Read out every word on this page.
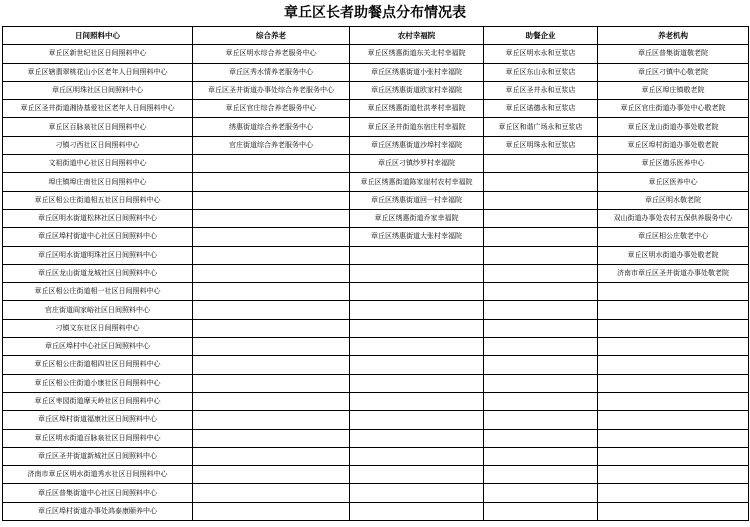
章丘区长者助餐点分布情况表
日间照料中心	综合养老	农村幸福院	助餐企业	养老机构
章丘区新世纪社区日间照料中心	章丘区明水综合养老服务中心	章丘区绣惠街道东关北村幸福院	章丘区明水永和豆浆店	章丘区普集街道敬老院
章丘区辖翡翠桃花山小区老年人日间照料中心	章丘区秀水情养老服务中心	章丘区绣惠街道小张村幸福院	章丘区东山永和豆浆店	章丘区刁镇中心敬老院
章丘区明珠社区日间照料中心	章丘区圣井街道办事处综合养老服务中心	章丘区绣惠街道欧家村幸福院	章丘区圣井永和豆浆店	章丘区埠庄镇敬老院
章丘区圣井街道湘协基爱社区老年人日间照料中心	章丘区官庄综合养老服务中心	章丘区绣惠街道杜洪孝村幸福院	章丘区诺德永和豆浆店	章丘区官庄街道办事处中心敬老院
章丘区百脉泉社区日间照料中心	绣惠街道综合养老服务中心	章丘区圣井街道东宿庄村幸福院	章丘区和谐广场永和豆浆店	章丘区龙山街道办事处敬老院
刁镇刁西社区日间照料中心	官庄街道综合养老服务中心	章丘区绣惠街道沙埠村幸福院	章丘区明珠永和豆浆店	章丘区埠村街道办事处敬老院
文祖街道中心社区日间照料中心		章丘区刁镇纱罗村幸福院		章丘区德乐医养中心
埠庄镇埠庄南社区日间照料中心		章丘区绣惠街道陈家崖村农村幸福院		章丘区医养中心
章丘区相公庄街道相五社区日间照料中心		章丘区绣惠街道回一村幸福院		章丘区明水敬老院
章丘区明水街道松林社区日间照料中心		章丘区绣惠街道乔家幸福院		双山街道办事处农村五保供养服务中心
章丘区埠村街道中心社区日间照料中心		章丘区绣惠街道大张村幸福院		章丘区相公庄敬老中心
章丘区明水街道明珠社区日间照料中心				章丘区明水街道办事处敬老院
章丘区龙山街道龙城社区日间照料中心				济南市章丘区圣井街道办事处敬老院
章丘区相公庄街道相一社区日间照料中心				
官庄街道阎家峪社区日间照料中心				
刁镇文东社区日间照料中心				
章丘区埠村中心社区日间照料中心				
章丘区相公庄街道相四社区日间照料中心				
章丘区相公庄街道小康社区日间照料中心				
章丘区枣园街道摩天岭社区日间照料中心				
章丘区埠村街道福康社区日间照料中心				
章丘区明水街道百脉泉社区日间照料中心				
章丘区圣井街道新城社区日间照料中心				
济南市章丘区明水街道秀水社区日间照料中心				
章丘区普集街道中心社区日间照料中心				
章丘区埠村街道办事处鸿泰康颐养中心				
